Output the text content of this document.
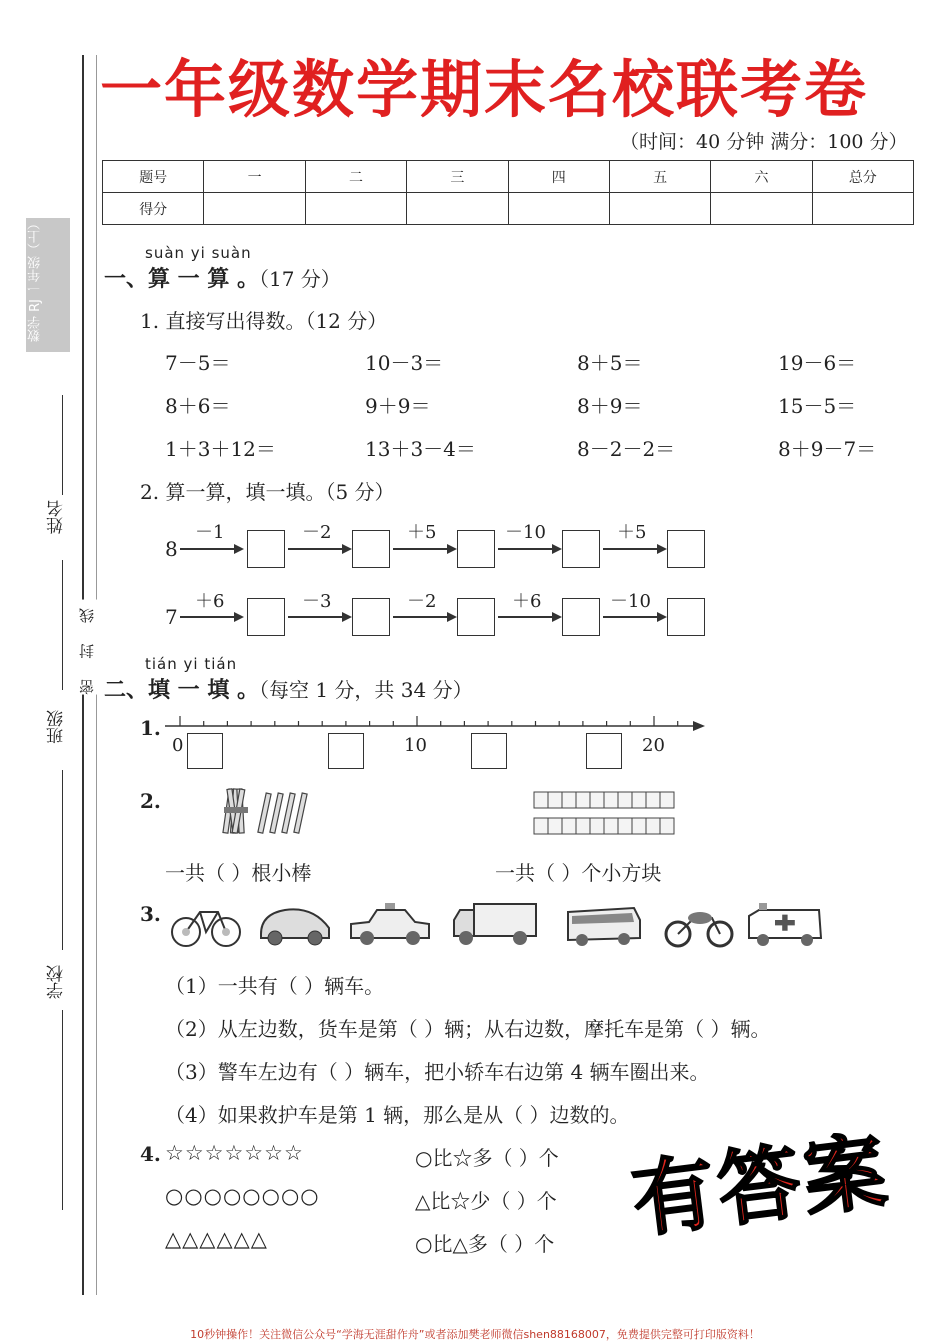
一年级数学期末名校联考卷
（时间：40 分钟 满分：100 分）
题号	一	二	三	四	五	六	总分
得分							
数学 RJ 一年级（上）
姓名
班级
学校
密 封 线
suàn yi suàn
一、算 一 算 。（17 分）
1. 直接写出得数。（12 分）
7－5＝	10－3＝	8＋5＝	19－6＝
8＋6＝	9＋9＝	8＋9＝	15－5＝
1＋3＋12＝	13＋3－4＝	8－2－2＝	8＋9－7＝
2. 算一算，填一填。（5 分）
8
－1	－2	＋5	－10	＋5
7
＋6	－3	－2	＋6	－10
tián yi tián
二、填 一 填 。（每空 1 分，共 34 分）
1.
0	10	20
2.
一共（ ）根小棒	一共（ ）个小方块
3.
（1）一共有（ ）辆车。
（2）从左边数，货车是第（ ）辆；从右边数，摩托车是第（ ）辆。
（3）警车左边有（ ）辆车，把小轿车右边第 4 辆车圈出来。
（4）如果救护车是第 1 辆，那么是从（ ）边数的。
4. ☆☆☆☆☆☆☆	○比☆多（ ）个
○○○○○○○○	△比☆少（ ）个
△△△△△△	○比△多（ ）个 有答案
10秒钟操作！关注微信公众号“学海无涯甜作舟”或者添加樊老师微信shen88168007，免费提供完整可打印版资料！
